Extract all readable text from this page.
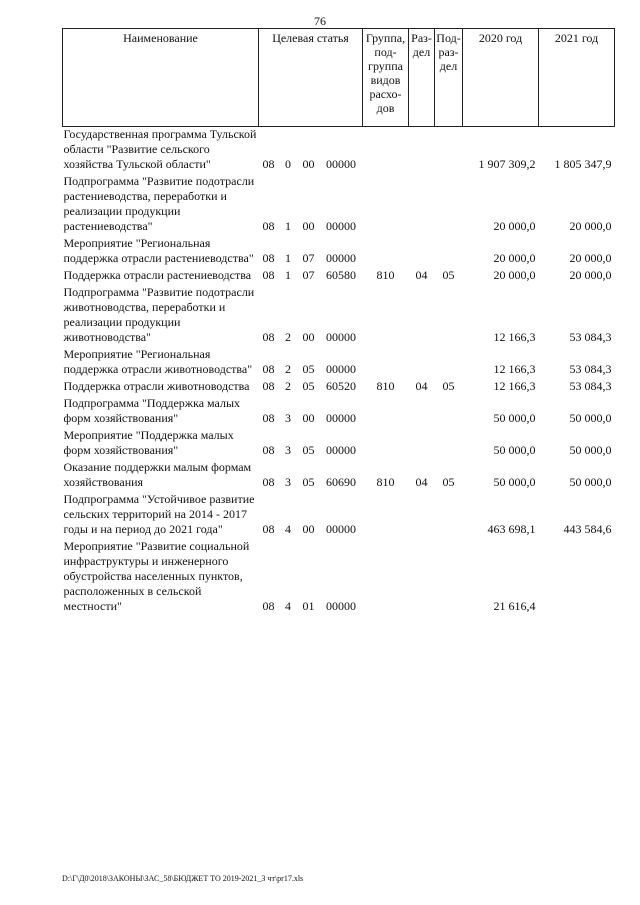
76
Наименование	Целевая статья				Группа, под-группа видов расхо-дов	Раз-дел	Под-раз-дел	2020 год	2021 год
Государственная программа Тульской области "Развитие сельского хозяйства Тульской области"	08	0	00	00000				1 907 309,2	1 805 347,9
Подпрограмма "Развитие подотрасли растениеводства, переработки и реализации продукции растениеводства"	08	1	00	00000				20 000,0	20 000,0
Мероприятие "Региональная поддержка отрасли растениеводства"	08	1	07	00000				20 000,0	20 000,0
Поддержка отрасли растениеводства	08	1	07	60580	810	04	05	20 000,0	20 000,0
Подпрограмма "Развитие подотрасли животноводства, переработки и реализации продукции животноводства"	08	2	00	00000				12 166,3	53 084,3
Мероприятие "Региональная поддержка отрасли животноводства"	08	2	05	00000				12 166,3	53 084,3
Поддержка отрасли животноводства	08	2	05	60520	810	04	05	12 166,3	53 084,3
Подпрограмма "Поддержка малых форм хозяйствования"	08	3	00	00000				50 000,0	50 000,0
Мероприятие "Поддержка малых форм хозяйствования"	08	3	05	00000				50 000,0	50 000,0
Оказание поддержки малым формам хозяйствования	08	3	05	60690	810	04	05	50 000,0	50 000,0
Подпрограмма "Устойчивое развитие сельских территорий на 2014 - 2017 годы и на период до 2021 года"	08	4	00	00000				463 698,1	443 584,6
Мероприятие "Развитие социальной инфраструктуры и инженерного обустройства населенных пунктов, расположенных в сельской местности"	08	4	01	00000				21 616,4	
D:\Г\Д0\2018\ЗАКОНЫ\ЗАС_58\БЮДЖЕТ ТО 2019-2021_3 чт\pr17.xls
